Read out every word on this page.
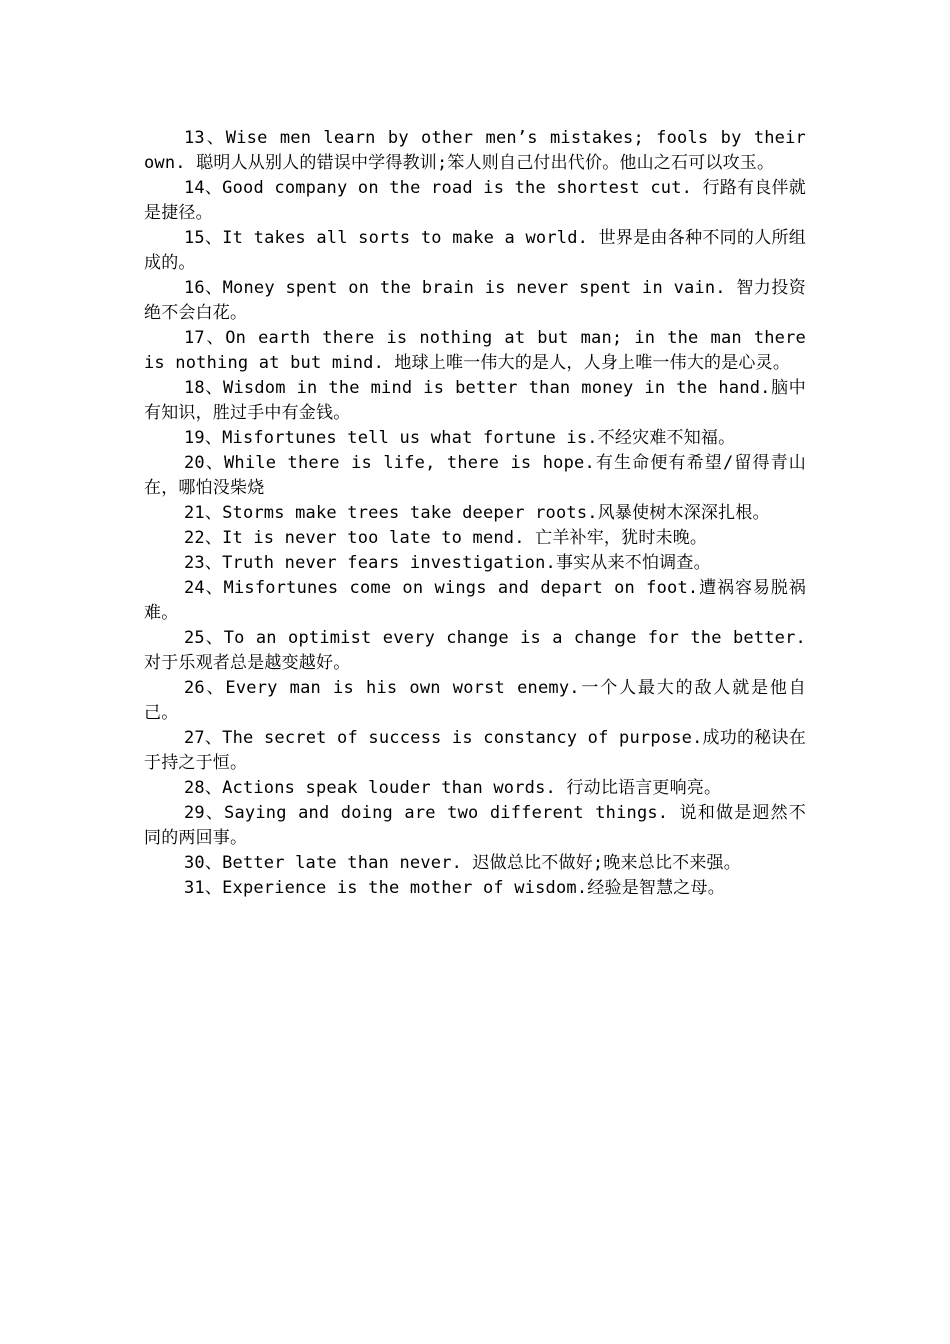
13、Wise men learn by other men’s mistakes; fools by their own. 聪明人从别人的错误中学得教训;笨人则自己付出代价。他山之石可以攻玉。

14、Good company on the road is the shortest cut. 行路有良伴就是捷径。

15、It takes all sorts to make a world. 世界是由各种不同的人所组成的。

16、Money spent on the brain is never spent in vain. 智力投资绝不会白花。

17、On earth there is nothing at but man; in the man there is nothing at but mind. 地球上唯一伟大的是人，人身上唯一伟大的是心灵。

18、Wisdom in the mind is better than money in the hand.脑中有知识，胜过手中有金钱。

19、Misfortunes tell us what fortune is.不经灾难不知福。

20、While there is life, there is hope.有生命便有希望/留得青山在，哪怕没柴烧

21、Storms make trees take deeper roots.风暴使树木深深扎根。

22、It is never too late to mend. 亡羊补牢，犹时未晚。

23、Truth never fears investigation.事实从来不怕调查。

24、Misfortunes come on wings and depart on foot.遭祸容易脱祸难。

25、To an optimist every change is a change for the better.对于乐观者总是越变越好。

26、Every man is his own worst enemy.一个人最大的敌人就是他自己。

27、The secret of success is constancy of purpose.成功的秘诀在于持之于恒。

28、Actions speak louder than words. 行动比语言更响亮。

29、Saying and doing are two different things. 说和做是迥然不同的两回事。

30、Better late than never. 迟做总比不做好;晚来总比不来强。

31、Experience is the mother of wisdom.经验是智慧之母。
